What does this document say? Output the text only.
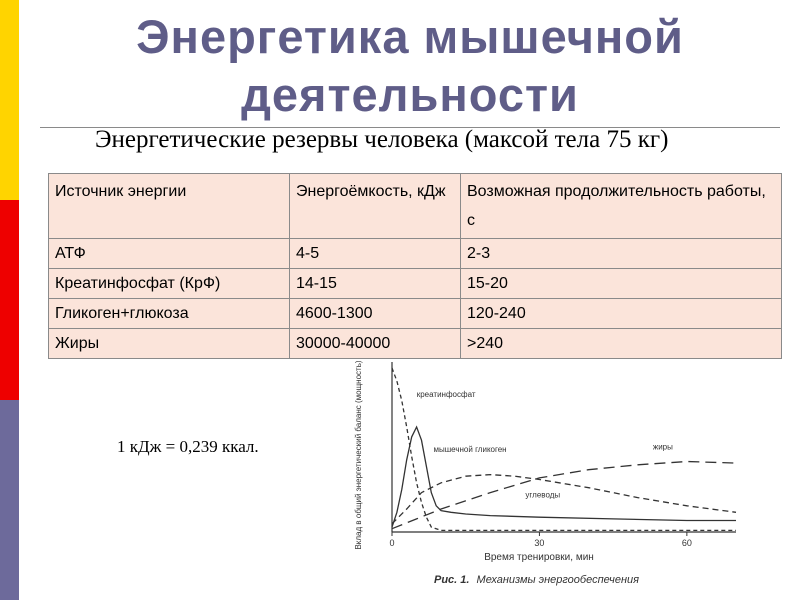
Энергетика мышечной
деятельности
Энергетические резервы человека (максой тела 75 кг)
Источник энергии	Энергоёмкость, кДж	Возможная продолжительность работы, с
АТФ	4-5	2-3
Креатинфосфат (КрФ)	14-15	15-20
Гликоген+глюкоза	4600-1300	120-240
Жиры	30000-40000	>240
1 кДж = 0,239 ккал.
0	30	60
креатинфосфат
мышечной гликоген	жиры
углеводы
Вклад в общий энергетический баланс (мощность)
Время тренировки, мин
Рис. 1. Механизмы энергообеспечения
